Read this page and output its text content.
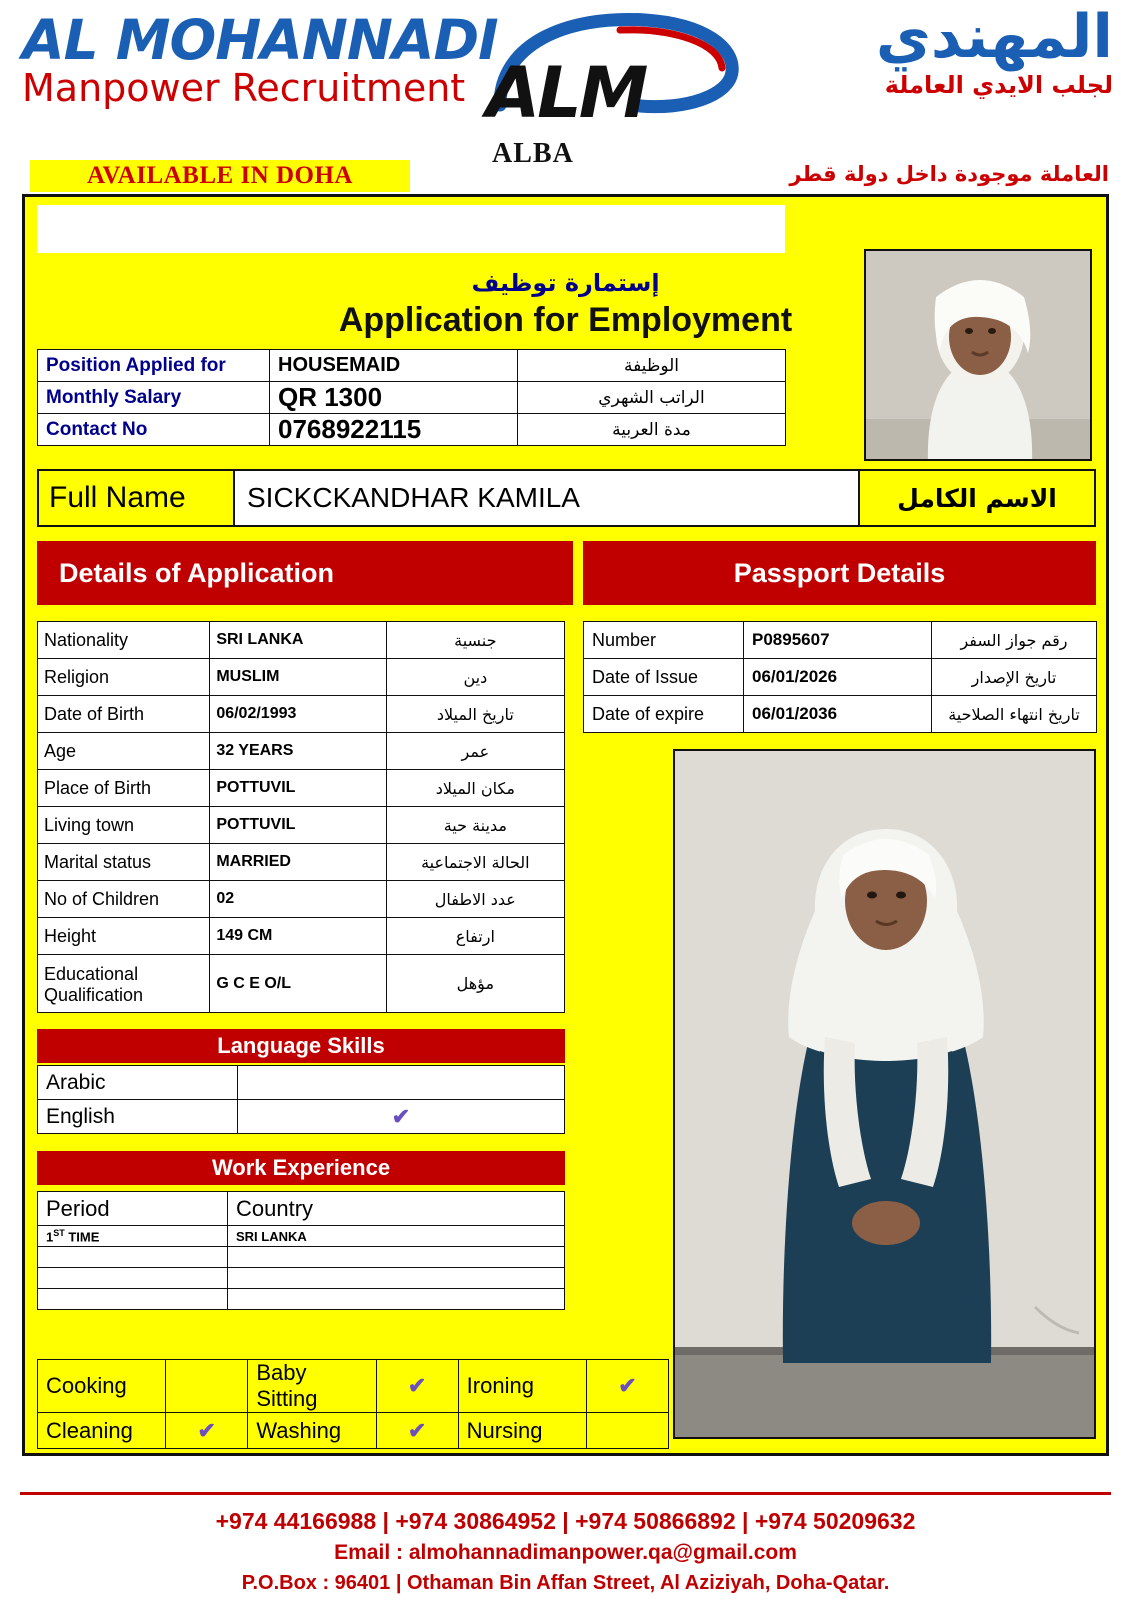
AL MOHANNADI
Manpower Recruitment ALM
ALBA
المهندي
لجلب الايدي العاملة
AVAILABLE IN DOHA	العاملة موجودة داخل دولة قطر
إستمارة توظيف
Application for Employment
Position Applied for	HOUSEMAID	الوظيفة
Monthly Salary	QR 1300	الراتب الشهري
Contact No	0768922115	مدة العربية
Full Name	SICKCKANDHAR KAMILA	الاسم الكامل
Details of Application	Passport Details
Nationality	SRI LANKA	جنسية
Religion	MUSLIM	دين
Date of Birth	06/02/1993	تاريخ الميلاد
Age	32 YEARS	عمر
Place of Birth	POTTUVIL	مكان الميلاد
Living town	POTTUVIL	مدينة حية
Marital status	MARRIED	الحالة الاجتماعية
No of Children	02	عدد الاطفال
Height	149 CM	ارتفاع
Educational Qualification	G C E O/L	مؤهل
Number	P0895607	رقم جواز السفر
Date of Issue	06/01/2026	تاريخ الإصدار
Date of expire	06/01/2036	تاريخ انتهاء الصلاحية
Language Skills
Arabic	
English	✔
Work Experience
Period	Country
1ST TIME	SRI LANKA

Cooking		Baby Sitting	✔	Ironing	✔
Cleaning	✔	Washing	✔	Nursing	
+974 44166988 | +974 30864952 | +974 50866892 | +974 50209632
Email : almohannadimanpower.qa@gmail.com
P.O.Box : 96401 | Othaman Bin Affan Street, Al Aziziyah, Doha-Qatar.
